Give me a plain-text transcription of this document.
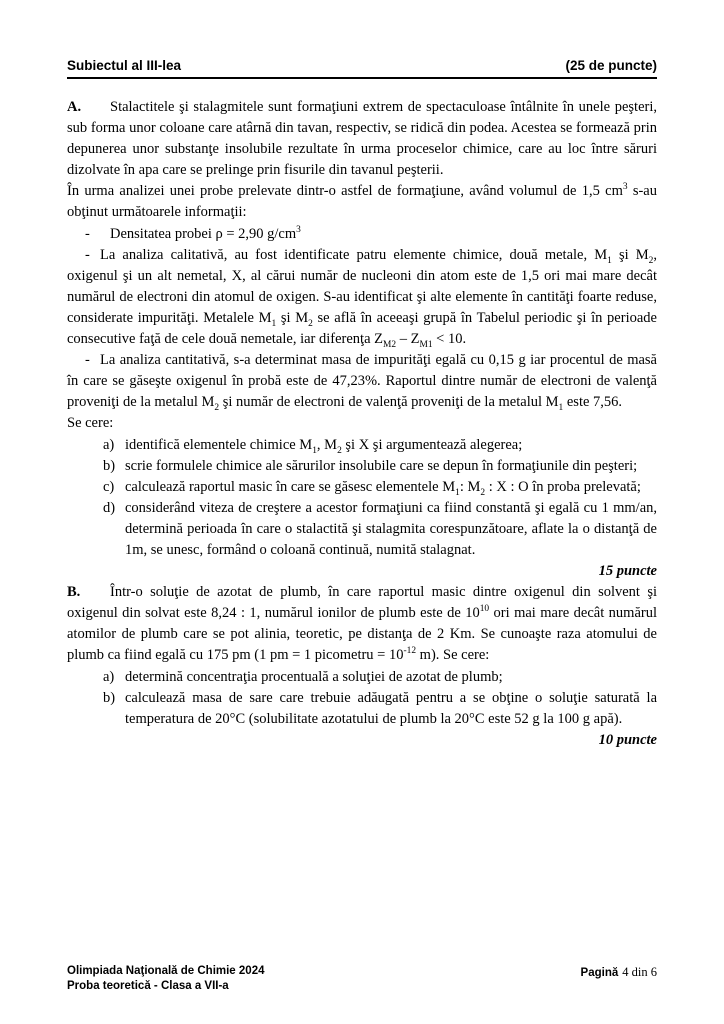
Subiectul al III-lea	(25 de puncte)

A. Stalactitele şi stalagmitele sunt formaţiuni extrem de spectaculoase întâlnite în unele peşteri, sub forma unor coloane care atârnă din tavan, respectiv, se ridică din podea. Acestea se formează prin depunerea unor substanţe insolubile rezultate în urma proceselor chimice, care au loc între săruri dizolvate în apa care se prelinge prin fisurile din tavanul peşterii.

În urma analizei unei probe prelevate dintr-o astfel de formaţiune, având volumul de 1,5 $cm^3$ s-au obţinut următoarele informaţii:

- Densitatea probei ρ = 2,90 $g/cm^3$

- La analiza calitativă, au fost identificate patru elemente chimice, două metale, $M_1$ şi $M_2$, oxigenul şi un alt nemetal, X, al cărui număr de nucleoni din atom este de 1,5 ori mai mare decât numărul de electroni din atomul de oxigen. S-au identificat şi alte elemente în cantităţi foarte reduse, considerate impurităţi. Metalele $M_1$ şi $M_2$ se află în aceeaşi grupă în Tabelul periodic şi în perioade consecutive faţă de cele două nemetale, iar diferenţa $Z_{M2} - Z_{M1} < 10$.

- La analiza cantitativă, s-a determinat masa de impurităţi egală cu 0,15 g iar procentul de masă în care se găseşte oxigenul în probă este de 47,23%. Raportul dintre număr de electroni de valenţă proveniţi de la metalul $M_2$ şi număr de electroni de valenţă proveniţi de la metalul $M_1$ este 7,56.

Se cere:

a) identifică elementele chimice $M_1$, $M_2$ şi X şi argumentează alegerea;
b) scrie formulele chimice ale sărurilor insolubile care se depun în formaţiunile din peşteri;
c) calculează raportul masic în care se găsesc elementele $M_1$: $M_2$ : X : O în proba prelevată;
d) considerând viteza de creştere a acestor formaţiuni ca fiind constantă şi egală cu 1 mm/an, determină perioada în care o stalactită şi stalagmita corespunzătoare, aflate la o distanţă de 1m, se unesc, formând o coloană continuă, numită stalagnat.

15 puncte

B. Într-o soluţie de azotat de plumb, în care raportul masic dintre oxigenul din solvent şi oxigenul din solvat este 8,24 : 1, numărul ionilor de plumb este de $10^{10}$ ori mai mare decât numărul atomilor de plumb care se pot alinia, teoretic, pe distanţa de 2 Km. Se cunoaşte raza atomului de plumb ca fiind egală cu 175 pm (1 pm = 1 picometru = $10^{-12}$ m). Se cere:

a) determină concentraţia procentuală a soluţiei de azotat de plumb;
b) calculează masa de sare care trebuie adăugată pentru a se obţine o soluţie saturată la temperatura de 20°C (solubilitate azotatului de plumb la 20°C este 52 g la 100 g apă).

10 puncte

Olimpiada Naţională de Chimie 2024
Proba teoretică - Clasa a VII-a
Pagină 4 din 6
